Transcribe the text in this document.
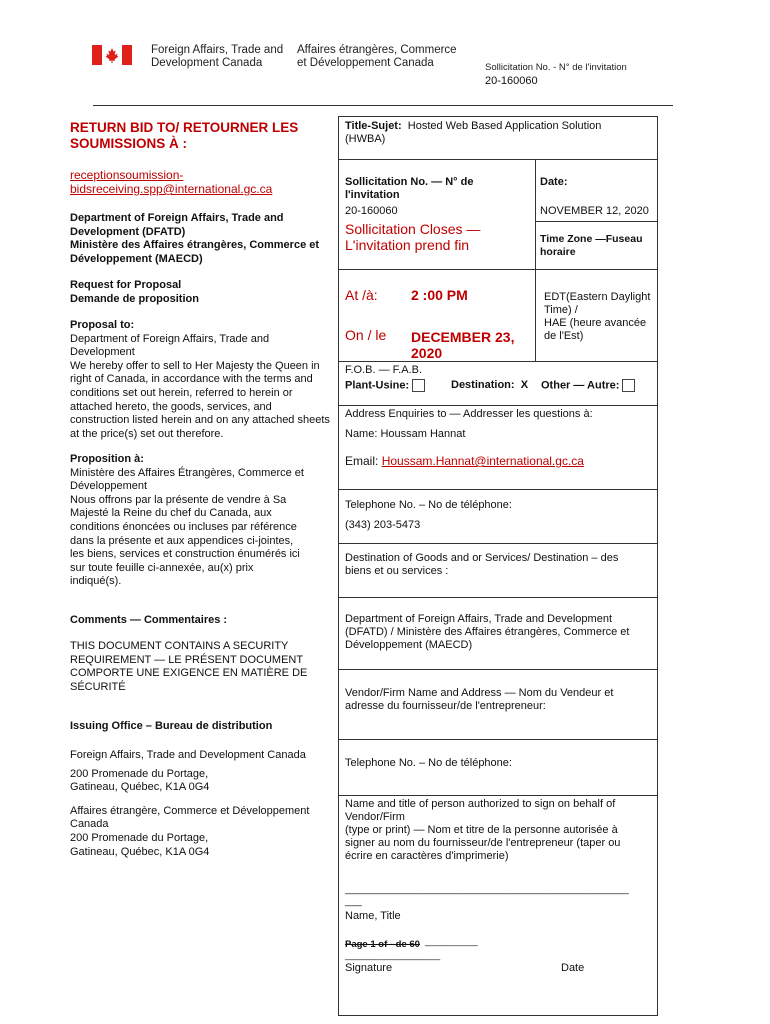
Foreign Affairs, Trade and
Development Canada
Affaires étrangères, Commerce
et Développement Canada	Sollicitation No. - N° de l'invitation
20-160060
RETURN BID TO/ RETOURNER LES
SOUMISSIONS À :
receptionsoumission-
bidsreceiving.spp@international.gc.ca
Department of Foreign Affairs, Trade and
Development (DFATD)
Ministère des Affaires étrangères, Commerce et
Développement (MAECD)
Request for Proposal
Demande de proposition
Proposal to:
Department of Foreign Affairs, Trade and
Development
We hereby offer to sell to Her Majesty the Queen in
right of Canada, in accordance with the terms and
conditions set out herein, referred to herein or
attached hereto, the goods, services, and
construction listed herein and on any attached sheets
at the price(s) set out therefore.
Proposition à:
Ministère des Affaires Étrangères, Commerce et
Développement
Nous offrons par la présente de vendre à Sa
Majesté la Reine du chef du Canada, aux
conditions énoncées ou incluses par référence
dans la présente et aux appendices ci-jointes,
les biens, services et construction énumérés ici
sur toute feuille ci-annexée, au(x) prix
indiqué(s).
Comments — Commentaires :
THIS DOCUMENT CONTAINS A SECURITY
REQUIREMENT — LE PRÉSENT DOCUMENT
COMPORTE UNE EXIGENCE EN MATIÈRE DE
SÉCURITÉ
Issuing Office – Bureau de distribution
Foreign Affairs, Trade and Development Canada
200 Promenade du Portage,
Gatineau, Québec, K1A 0G4
Affaires étrangère, Commerce et Développement
Canada
200 Promenade du Portage,
Gatineau, Québec, K1A 0G4
Title-Sujet: Hosted Web Based Application Solution
(HWBA)
Sollicitation No. — N° de
l'invitation
20-160060
Date:
NOVEMBER 12, 2020
Sollicitation Closes —
L'invitation prend fin	Time Zone —Fuseau
horaire
At /à: 2 :00 PM
On / le DECEMBER 23,
2020
EDT(Eastern Daylight
Time) /
HAE (heure avancée
de l'Est)
F.O.B. — F.A.B.
Plant-Usine:	Destination: X Other — Autre:
Address Enquiries to — Addresser les questions à:
Name: Houssam Hannat
Email: Houssam.Hannat@international.gc.ca
Telephone No. – No de téléphone:
(343) 203-5473
Destination of Goods and or Services/ Destination – des
biens et ou services :
Department of Foreign Affairs, Trade and Development
(DFATD) / Ministère des Affaires étrangères, Commerce et
Développement (MAECD)
Vendor/Firm Name and Address — Nom du Vendeur et
adresse du fournisseur/de l'entrepreneur:
Telephone No. – No de téléphone:
Name and title of person authorized to sign on behalf of
Vendor/Firm
(type or print) — Nom et titre de la personne autorisée à
signer au nom du fournisseur/de l'entrepreneur (taper ou
écrire en caractères d'imprimerie)
___________________________________________________
___
Name, Title
Page 1 of - de 60 __________
__________________
Signature	Date
